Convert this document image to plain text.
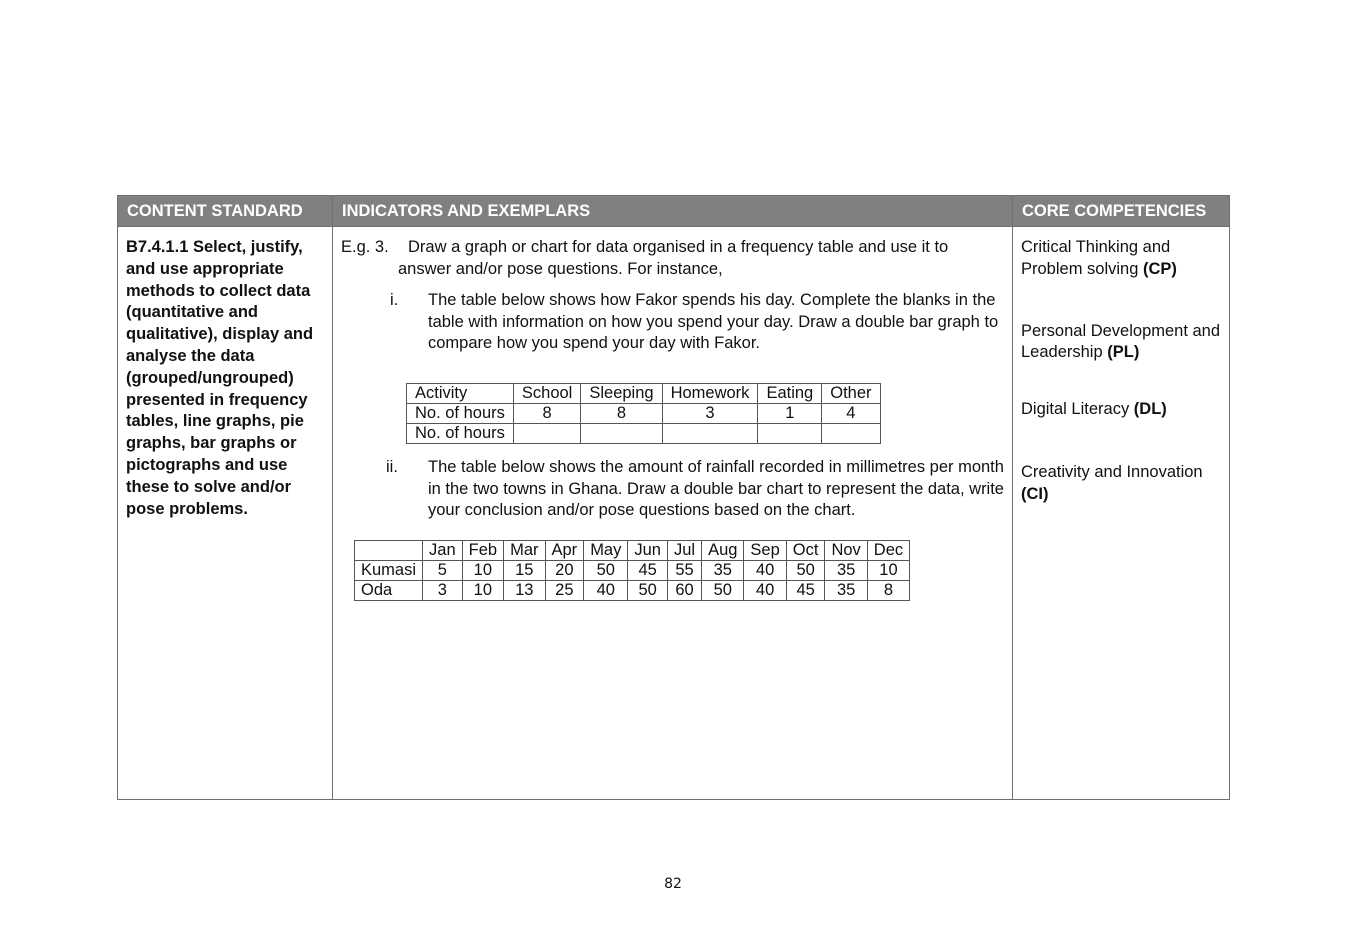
CONTENT STANDARD	INDICATORS AND EXEMPLARS	CORE COMPETENCIES

B7.4.1.1 Select, justify, and use appropriate methods to collect data (quantitative and qualitative), display and analyse the data (grouped/ungrouped) presented in frequency tables, line graphs, pie graphs, bar graphs or pictographs and use these to solve and/or pose problems.

E.g. 3. Draw a graph or chart for data organised in a frequency table and use it to
answer and/or pose questions. For instance,
i. The table below shows how Fakor spends his day. Complete the blanks in the table with information on how you spend your day. Draw a double bar graph to compare how you spend your day with Fakor.
Activity	School	Sleeping	Homework	Eating	Other
No. of hours	8	8	3	1	4
No. of hours					
ii. The table below shows the amount of rainfall recorded in millimetres per month in the two towns in Ghana. Draw a double bar chart to represent the data, write your conclusion and/or pose questions based on the chart.
	Jan	Feb	Mar	Apr	May	Jun	Jul	Aug	Sep	Oct	Nov	Dec
Kumasi	5	10	15	20	50	45	55	35	40	50	35	10
Oda	3	10	13	25	40	50	60	50	40	45	35	8

Critical Thinking and Problem solving (CP)
Personal Development and Leadership (PL)
Digital Literacy (DL)
Creativity and Innovation (CI)
82
